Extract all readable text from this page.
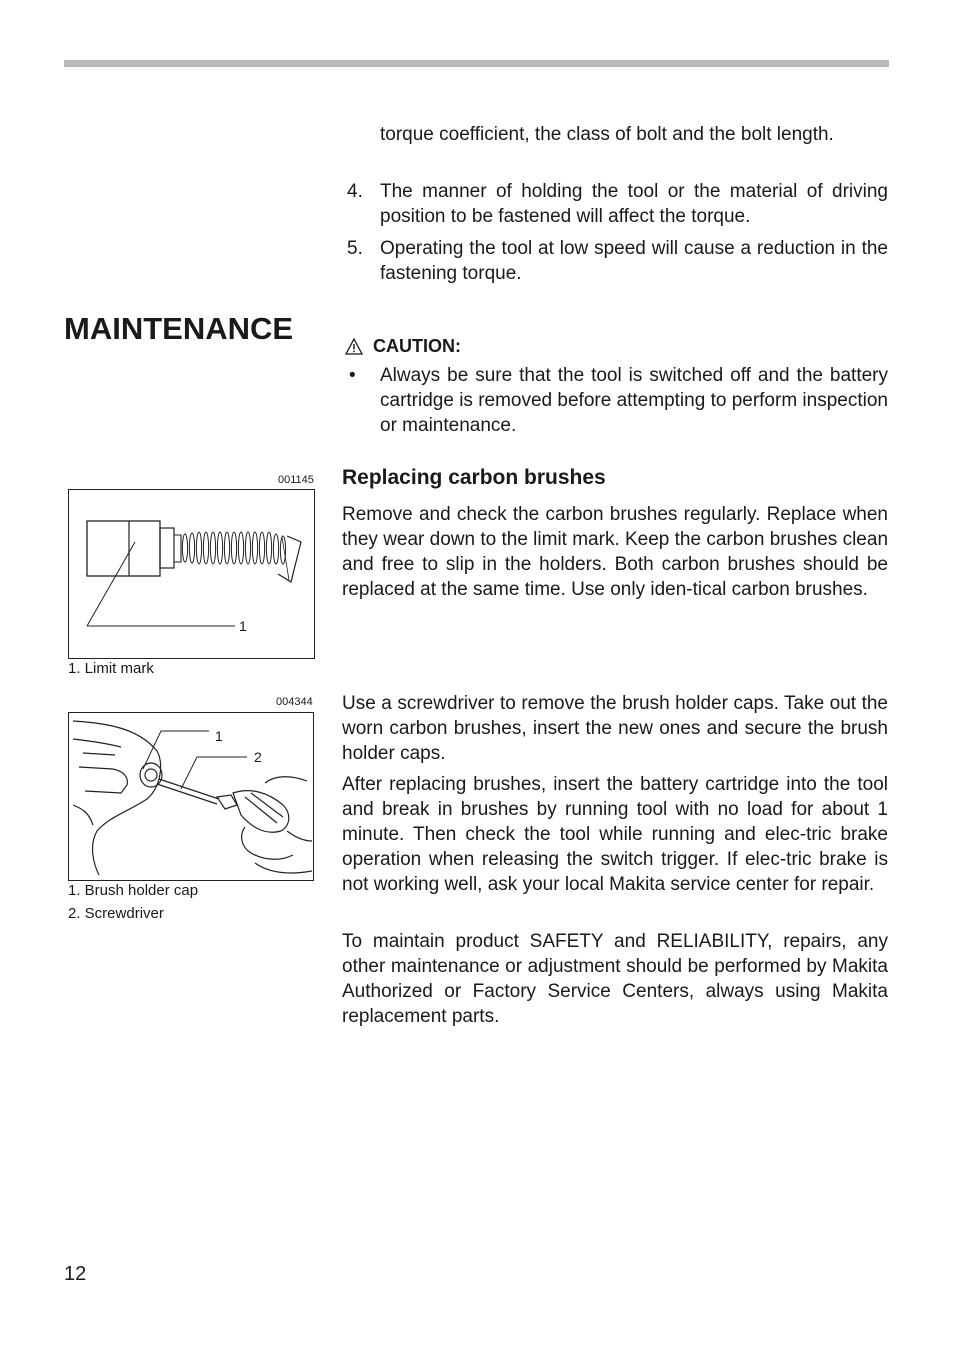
torque coefficient, the class of bolt and the bolt length.
4. The manner of holding the tool or the material of driving position to be fastened will affect the torque.
5. Operating the tool at low speed will cause a reduction in the fastening torque.
MAINTENANCE	CAUTION:
• Always be sure that the tool is switched off and the battery cartridge is removed before attempting to perform inspection or maintenance.
Replacing carbon brushes
Remove and check the carbon brushes regularly. Replace when they wear down to the limit mark. Keep the carbon brushes clean and free to slip in the holders. Both carbon brushes should be replaced at the same time. Use only iden-tical carbon brushes.
Use a screwdriver to remove the brush holder caps. Take out the worn carbon brushes, insert the new ones and secure the brush holder caps.
After replacing brushes, insert the battery cartridge into the tool and break in brushes by running tool with no load for about 1 minute. Then check the tool while running and elec-tric brake operation when releasing the switch trigger. If elec-tric brake is not working well, ask your local Makita service center for repair.
To maintain product SAFETY and RELIABILITY, repairs, any other maintenance or adjustment should be performed by Makita Authorized or Factory Service Centers, always using Makita replacement parts.
001145
1
1. Limit mark
004344
1
2
1. Brush holder cap
2. Screwdriver
12
